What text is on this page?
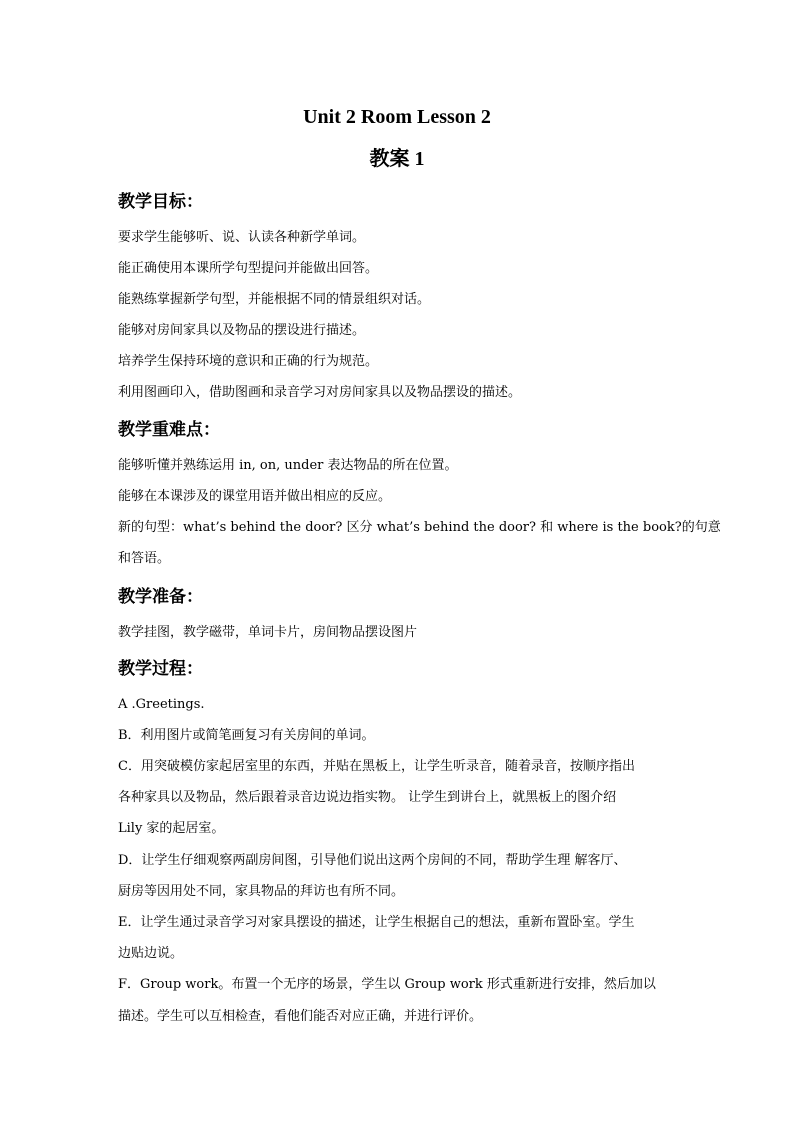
Unit 2 Room Lesson 2
教案 1
教学目标：
要求学生能够听、说、认读各种新学单词。
能正确使用本课所学句型提问并能做出回答。
能熟练掌握新学句型，并能根据不同的情景组织对话。
能够对房间家具以及物品的摆设进行描述。
培养学生保持环境的意识和正确的行为规范。
利用图画印入，借助图画和录音学习对房间家具以及物品摆设的描述。
教学重难点：
能够听懂并熟练运用 in, on, under 表达物品的所在位置。
能够在本课涉及的课堂用语并做出相应的反应。
新的句型：what’s behind the door? 区分 what’s behind the door? 和 where is the book?的句意
和答语。
教学准备：
教学挂图，教学磁带，单词卡片，房间物品摆设图片
教学过程：
A .Greetings.
B．利用图片或简笔画复习有关房间的单词。
C．用突破模仿家起居室里的东西，并贴在黑板上，让学生听录音，随着录音，按顺序指出
各种家具以及物品，然后跟着录音边说边指实物。 让学生到讲台上，就黑板上的图介绍
Lily 家的起居室。
D．让学生仔细观察两副房间图，引导他们说出这两个房间的不同，帮助学生理 解客厅、
厨房等因用处不同，家具物品的拜访也有所不同。
E．让学生通过录音学习对家具摆设的描述，让学生根据自己的想法，重新布置卧室。学生
边贴边说。
F．Group work。布置一个无序的场景，学生以 Group work 形式重新进行安排，然后加以
描述。学生可以互相检查，看他们能否对应正确，并进行评价。
